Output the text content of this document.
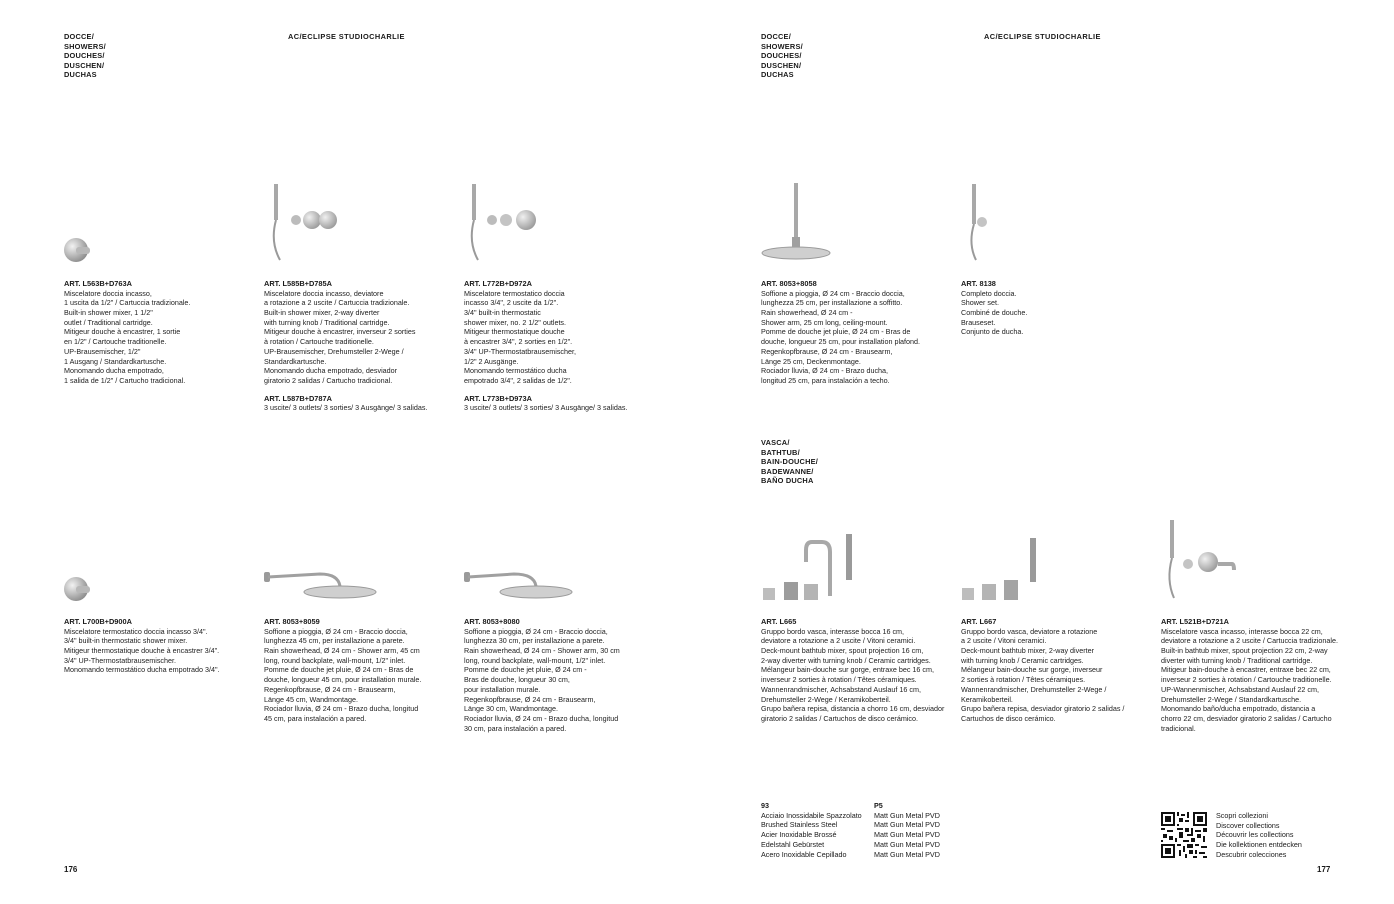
DOCCE/
SHOWERS/
DOUCHES/
DUSCHEN/
DUCHAS
AC/ECLIPSE STUDIOCHARLIE

ART. L563B+D763A

Miscelatore doccia incasso,
1 uscita da 1/2" / Cartuccia tradizionale.
Built-in shower mixer, 1 1/2"
outlet / Traditional cartridge.
Mitigeur douche à encastrer, 1 sortie
en 1/2" / Cartouche traditionelle.
UP-Brausemischer, 1/2"
1 Ausgang / Standardkartusche.
Monomando ducha empotrado,
1 salida de 1/2" / Cartucho tradicional.

ART. L585B+D785A

Miscelatore doccia incasso, deviatore
a rotazione a 2 uscite / Cartuccia tradizionale.
Built-in shower mixer, 2-way diverter
with turning knob / Traditional cartridge.
Mitigeur douche à encastrer, inverseur 2 sorties
à rotation / Cartouche traditionelle.
UP-Brausemischer, Drehumsteller 2-Wege /
Standardkartusche.
Monomando ducha empotrado, desviador
giratorio 2 salidas / Cartucho tradicional.

ART. L587B+D787A

3 uscite/ 3 outlets/ 3 sorties/ 3 Ausgänge/ 3 salidas.

ART. L772B+D972A

Miscelatore termostatico doccia
incasso 3/4", 2 uscite da 1/2".
3/4" built-in thermostatic
shower mixer, no. 2 1/2" outlets.
Mitigeur thermostatique douche
à encastrer 3/4", 2 sorties en 1/2".
3/4" UP-Thermostatbrausemischer,
1/2" 2 Ausgänge.
Monomando termostático ducha
empotrado 3/4", 2 salidas de 1/2".

ART. L773B+D973A

3 uscite/ 3 outlets/ 3 sorties/ 3 Ausgänge/ 3 salidas.

ART. L700B+D900A

Miscelatore termostatico doccia incasso 3/4".
3/4" built-in thermostatic shower mixer.
Mitigeur thermostatique douche à encastrer 3/4".
3/4" UP-Thermostatbrausemischer.
Monomando termostático ducha empotrado 3/4".

ART. 8053+8059

Soffione a pioggia, Ø 24 cm - Braccio doccia,
lunghezza 45 cm, per installazione a parete.
Rain showerhead, Ø 24 cm - Shower arm, 45 cm
long, round backplate, wall-mount, 1/2" inlet.
Pomme de douche jet pluie, Ø 24 cm - Bras de
douche, longueur 45 cm, pour installation murale.
Regenkopfbrause, Ø 24 cm - Brausearm,
Länge 45 cm, Wandmontage.
Rociador lluvia, Ø 24 cm - Brazo ducha, longitud
45 cm, para instalación a pared.

ART. 8053+8080

Soffione a pioggia, Ø 24 cm - Braccio doccia,
lunghezza 30 cm, per installazione a parete.
Rain showerhead, Ø 24 cm - Shower arm, 30 cm
long, round backplate, wall-mount, 1/2" inlet.
Pomme de douche jet pluie, Ø 24 cm -
Bras de douche, longueur 30 cm,
pour installation murale.
Regenkopfbrause, Ø 24 cm - Brausearm,
Länge 30 cm, Wandmontage.
Rociador lluvia, Ø 24 cm - Brazo ducha, longitud
30 cm, para instalación a pared.

176
DOCCE/
SHOWERS/
DOUCHES/
DUSCHEN/
DUCHAS
AC/ECLIPSE STUDIOCHARLIE

ART. 8053+8058

Soffione a pioggia, Ø 24 cm - Braccio doccia,
lunghezza 25 cm, per installazione a soffitto.
Rain showerhead, Ø 24 cm -
Shower arm, 25 cm long, ceiling-mount.
Pomme de douche jet pluie, Ø 24 cm - Bras de
douche, longueur 25 cm, pour installation plafond.
Regenkopfbrause, Ø 24 cm - Brausearm,
Länge 25 cm, Deckenmontage.
Rociador lluvia, Ø 24 cm - Brazo ducha,
longitud 25 cm, para instalación a techo.

ART. 8138

Completo doccia.
Shower set.
Combiné de douche.
Brauseset.
Conjunto de ducha.

VASCA/
BATHTUB/
BAIN-DOUCHE/
BADEWANNE/
BAÑO DUCHA

ART. L665

Gruppo bordo vasca, interasse bocca 16 cm,
deviatore a rotazione a 2 uscite / Vitoni ceramici.
Deck-mount bathtub mixer, spout projection 16 cm,
2-way diverter with turning knob / Ceramic cartridges.
Mélangeur bain-douche sur gorge, entraxe bec 16 cm,
inverseur 2 sorties à rotation / Têtes céramiques.
Wannenrandmischer, Achsabstand Auslauf 16 cm,
Drehumsteller 2-Wege / Keramikoberteil.
Grupo bañera repisa, distancia a chorro 16 cm, desviador
giratorio 2 salidas / Cartuchos de disco cerámico.

ART. L667

Gruppo bordo vasca, deviatore a rotazione
a 2 uscite / Vitoni ceramici.
Deck-mount bathtub mixer, 2-way diverter
with turning knob / Ceramic cartridges.
Mélangeur bain-douche sur gorge, inverseur
2 sorties à rotation / Têtes céramiques.
Wannenrandmischer, Drehumsteller 2-Wege /
Keramikoberteil.
Grupo bañera repisa, desviador giratorio 2 salidas /
Cartuchos de disco cerámico.

ART. L521B+D721A

Miscelatore vasca incasso, interasse bocca 22 cm,
deviatore a rotazione a 2 uscite / Cartuccia tradizionale.
Built-in bathtub mixer, spout projection 22 cm, 2-way
diverter with turning knob / Traditional cartridge.
Mitigeur bain-douche à encastrer, entraxe bec 22 cm,
inverseur 2 sorties à rotation / Cartouche traditionelle.
UP-Wannenmischer, Achsabstand Auslauf 22 cm,
Drehumsteller 2-Wege / Standardkartusche.
Monomando baño/ducha empotrado, distancia a
chorro 22 cm, desviador giratorio 2 salidas / Cartucho
tradicional.

93
Acciaio Inossidabile Spazzolato
Brushed Stainless Steel
Acier Inoxidable Brossé
Edelstahl Gebürstet
Acero Inoxidable Cepillado
P5
Matt Gun Metal PVD
Matt Gun Metal PVD
Matt Gun Metal PVD
Matt Gun Metal PVD
Matt Gun Metal PVD
Scopri collezioni
Discover collections
Découvrir les collections
Die kollektionen entdecken
Descubrir colecciones
177
